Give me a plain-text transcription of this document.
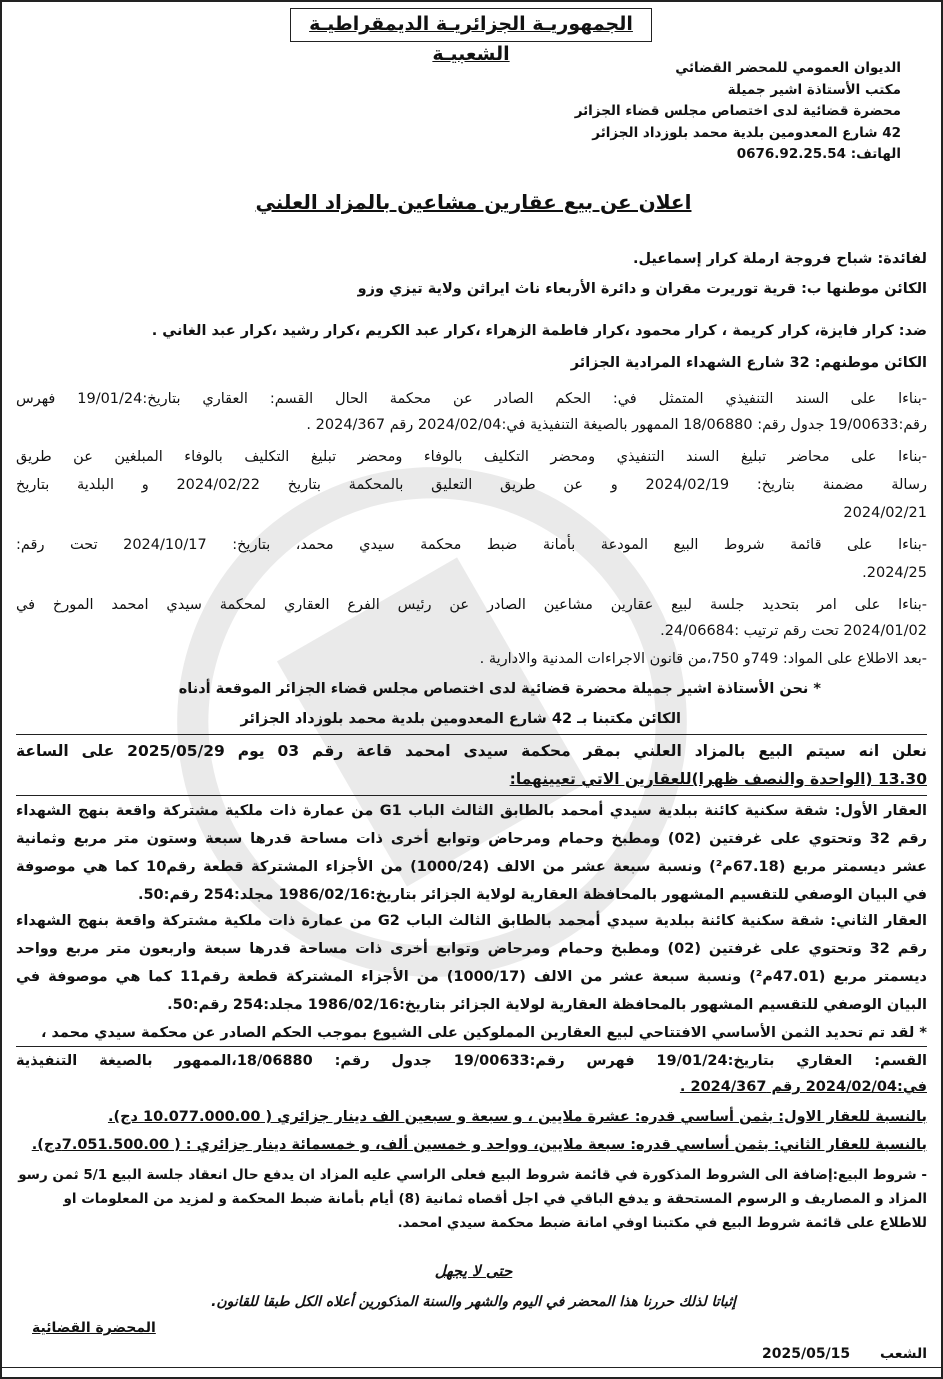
الجمهوريـة الجزائريـة الديمقراطيـة الشعبيـة
الديوان العمومي للمحضر القضائي
مكتب الأستاذة اشير جميلة
محضرة قضائية لدى اختصاص مجلس قضاء الجزائر
42 شارع المعدومين بلدية محمد بلوزداد الجزائر
الهاتف: 0676.92.25.54
اعلان عن بيع عقارين مشاعين بالمزاد العلني
لفائدة: شباح فروجة ارملة كرار إسماعيل.
الكائن موطنها ب: قرية توريرت مقران و دائرة الأربعاء ناث ايراثن ولاية تيزي وزو
ضد: كرار فايزة، كرار كريمة ، كرار محمود ،كرار فاطمة الزهراء ،كرار عبد الكريم ،كرار رشيد ،كرار عبد الغاني .
الكائن موطنهم: 32 شارع الشهداء المرادية الجزائر
-بناءا على السند التنفيذي المتمثل في: الحكم الصادر عن محكمة الحال القسم: العقاري بتاريخ:19/01/24 فهرس
رقم:19/00633 جدول رقم: 18/06880 الممهور بالصيغة التنفيذية في:2024/02/04 رقم 2024/367 .
-بناءا على محاضر تبليغ السند التنفيذي ومحضر التكليف بالوفاء ومحضر تبليغ التكليف بالوفاء المبلغين عن طريق
رسالة مضمنة بتاريخ: 2024/02/19 و عن طريق التعليق بالمحكمة بتاريخ 2024/02/22 و البلدية بتاريخ
2024/02/21
-بناءا على قائمة شروط البيع المودعة بأمانة ضبط محكمة سيدي محمد، بتاريخ: 2024/10/17 تحت رقم:
2024/25.
-بناءا على امر بتحديد جلسة لبيع عقارين مشاعين الصادر عن رئيس الفرع العقاري لمحكمة سيدي امحمد المورخ في
2024/01/02 تحت رقم ترتيب :24/06684.
-بعد الاطلاع على المواد: 749و 750،من قانون الاجراءات المدنية والادارية .
* نحن الأستاذة اشير جميلة محضرة قضائية لدى اختصاص مجلس قضاء الجزائر الموقعة أدناه
الكائن مكتبنا بـ 42 شارع المعدومين بلدية محمد بلوزداد الجزائر
نعلن انه سيتم البيع بالمزاد العلني بمقر محكمة سيدى امحمد قاعة رقم 03 يوم 2025/05/29 على الساعة
13.30 (الواحدة والنصف ظهرا)للعقارين الاتي تعيينهما:
العقار الأول: شقة سكنية كائنة ببلدية سيدي أمحمد بالطابق الثالث الباب G1 من عمارة ذات ملكية مشتركة واقعة بنهج الشهداء
رقم 32 وتحتوي على غرفتين (02) ومطبخ وحمام ومرحاض وتوابع أخرى ذات مساحة قدرها سبعة وستون متر مربع وثمانية
عشر ديسمتر مربع (67.18م²) ونسبة سبعة عشر من الالف (1000/24) من الأجزاء المشتركة قطعة رقم10 كما هي موصوفة
في البيان الوصفي للتقسيم المشهور بالمحافظة العقارية لولاية الجزائر بتاريخ:1986/02/16 مجلد:254 رقم:50.
العقار الثاني: شقة سكنية كائنة ببلدية سيدي أمحمد بالطابق الثالث الباب G2 من عمارة ذات ملكية مشتركة واقعة بنهج الشهداء
رقم 32 وتحتوي على غرفتين (02) ومطبخ وحمام ومرحاض وتوابع أخرى ذات مساحة قدرها سبعة واربعون متر مربع وواحد
ديسمتر مربع (47.01م²) ونسبة سبعة عشر من الالف (1000/17) من الأجزاء المشتركة قطعة رقم11 كما هي موصوفة في
البيان الوصفي للتقسيم المشهور بالمحافظة العقارية لولاية الجزائر بتاريخ:1986/02/16 مجلد:254 رقم:50.
* لقد تم تحديد الثمن الأساسي الافتتاحي لبيع العقارين المملوكين على الشيوع بموجب الحكم الصادر عن محكمة سيدي محمد ،
القسم: العقاري بتاريخ:19/01/24 فهرس رقم:19/00633 جدول رقم: 18/06880،الممهور بالصيغة التنفيذية
في:2024/02/04 رقم 2024/367 .
بالنسبة للعقار الاول: بثمن أساسي قدره: عشرة ملايين ، و سبعة و سبعين الف دينار جزائري ( 10.077.000.00 دج).
بالنسبة للعقار الثاني: بثمن أساسي قدره: سبعة ملايين، وواحد و خمسين ألف، و خمسمائة دينار جزائري : ( 7.051.500.00دج).
- شروط البيع:إضافة الى الشروط المذكورة في قائمة شروط البيع فعلى الراسي عليه المزاد ان يدفع حال انعقاد جلسة البيع 5/1 ثمن رسو
المزاد و المصاريف و الرسوم المستحقة و يدفع الباقي في اجل أقصاه ثمانية (8) أيام بأمانة ضبط المحكمة و لمزيد من المعلومات او
للاطلاع على قائمة شروط البيع في مكتبنا اوفي امانة ضبط محكمة سيدي امحمد.
حتى لا يجهل
إثباتا لذلك حررنا هذا المحضر في اليوم والشهر والسنة المذكورين أعلاه الكل طبقا للقانون.
المحضرة القضائية
الشعب
2025/05/15
